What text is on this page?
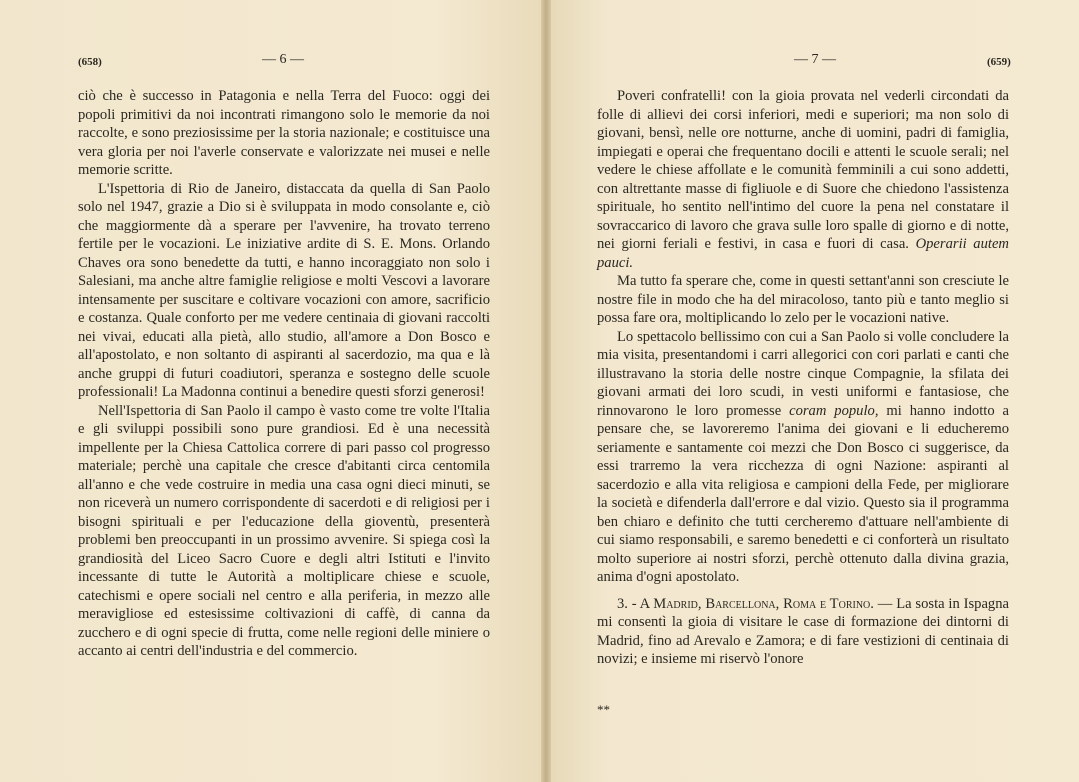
(658)	— 6 —

ciò che è successo in Patagonia e nella Terra del Fuoco: oggi dei popoli primitivi da noi incontrati rimangono solo le memorie da noi raccolte, e sono preziosissime per la storia nazionale; e costituisce una vera gloria per noi l'averle conservate e valorizzate nei musei e nelle memorie scritte.

L'Ispettoria di Rio de Janeiro, distaccata da quella di San Paolo solo nel 1947, grazie a Dio si è sviluppata in modo consolante e, ciò che maggiormente dà a sperare per l'avvenire, ha trovato terreno fertile per le vocazioni. Le iniziative ardite di S. E. Mons. Orlando Chaves ora sono benedette da tutti, e hanno incoraggiato non solo i Salesiani, ma anche altre famiglie religiose e molti Vescovi a lavorare intensamente per suscitare e coltivare vocazioni con amore, sacrificio e costanza. Quale conforto per me vedere centinaia di giovani raccolti nei vivai, educati alla pietà, allo studio, all'amore a Don Bosco e all'apostolato, e non soltanto di aspiranti al sacerdozio, ma qua e là anche gruppi di futuri coadiutori, speranza e sostegno delle scuole professionali! La Madonna continui a benedire questi sforzi generosi!

Nell'Ispettoria di San Paolo il campo è vasto come tre volte l'Italia e gli sviluppi possibili sono pure grandiosi. Ed è una necessità impellente per la Chiesa Cattolica correre di pari passo col progresso materiale; perchè una capitale che cresce d'abitanti circa centomila all'anno e che vede costruire in media una casa ogni dieci minuti, se non riceverà un numero corrispondente di sacerdoti e di religiosi per i bisogni spirituali e per l'educazione della gioventù, presenterà problemi ben preoccupanti in un prossimo avvenire. Si spiega così la grandiosità del Liceo Sacro Cuore e degli altri Istituti e l'invito incessante di tutte le Autorità a moltiplicare chiese e scuole, catechismi e opere sociali nel centro e alla periferia, in mezzo alle meravigliose ed estesissime coltivazioni di caffè, di canna da zucchero e di ogni specie di frutta, come nelle regioni delle miniere o accanto ai centri dell'industria e del commercio.

— 7 —	(659)

Poveri confratelli! con la gioia provata nel vederli circondati da folle di allievi dei corsi inferiori, medi e superiori; ma non solo di giovani, bensì, nelle ore notturne, anche di uomini, padri di famiglia, impiegati e operai che frequentano docili e attenti le scuole serali; nel vedere le chiese affollate e le comunità femminili a cui sono addetti, con altrettante masse di figliuole e di Suore che chiedono l'assistenza spirituale, ho sentito nell'intimo del cuore la pena nel constatare il sovraccarico di lavoro che grava sulle loro spalle di giorno e di notte, nei giorni feriali e festivi, in casa e fuori di casa. Operarii autem pauci.

Ma tutto fa sperare che, come in questi settant'anni son cresciute le nostre file in modo che ha del miracoloso, tanto più e tanto meglio si possa fare ora, moltiplicando lo zelo per le vocazioni native.

Lo spettacolo bellissimo con cui a San Paolo si volle concludere la mia visita, presentandomi i carri allegorici con cori parlati e canti che illustravano la storia delle nostre cinque Compagnie, la sfilata dei giovani armati dei loro scudi, in vesti uniformi e fantasiose, che rinnovarono le loro promesse coram populo, mi hanno indotto a pensare che, se lavoreremo l'anima dei giovani e li educheremo seriamente e santamente coi mezzi che Don Bosco ci suggerisce, da essi trarremo la vera ricchezza di ogni Nazione: aspiranti al sacerdozio e alla vita religiosa e campioni della Fede, per migliorare la società e difenderla dall'errore e dal vizio. Questo sia il programma ben chiaro e definito che tutti cercheremo d'attuare nell'ambiente di cui siamo responsabili, e saremo benedetti e ci conforterà un risultato molto superiore ai nostri sforzi, perchè ottenuto dalla divina grazia, anima d'ogni apostolato.

3. - A Madrid, Barcellona, Roma e Torino. — La sosta in Ispagna mi consentì la gioia di visitare le case di formazione dei dintorni di Madrid, fino ad Arevalo e Zamora; e di fare vestizioni di centinaia di novizi; e insieme mi riservò l'onore

**
